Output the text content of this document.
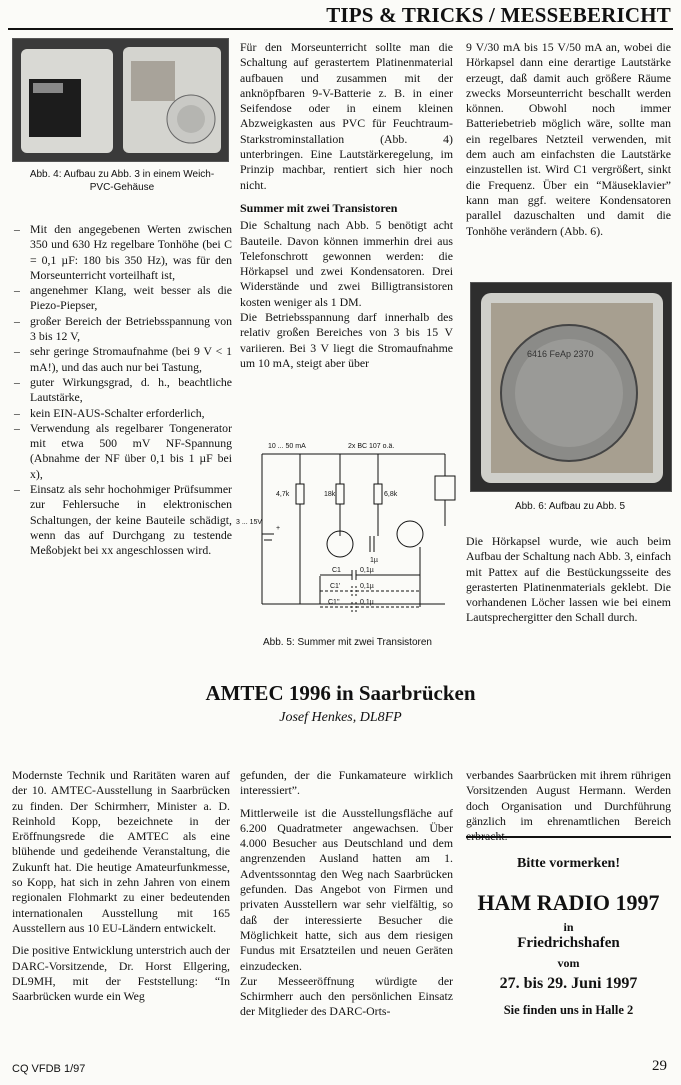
TIPS & TRICKS / MESSEBERICHT
Abb. 4: Aufbau zu Abb. 3 in einem Weich-PVC-Gehäuse
– Mit den angegebenen Werten zwischen 350 und 630 Hz regelbare Tonhöhe (bei C = 0,1 µF: 180 bis 350 Hz), was für den Morseunterricht vorteilhaft ist,
– angenehmer Klang, weit besser als die Piezo-Piepser,
– großer Bereich der Betriebsspannung von 3 bis 12 V,
– sehr geringe Stromaufnahme (bei 9 V < 1 mA!), und das auch nur bei Tastung,
– guter Wirkungsgrad, d. h., beachtliche Lautstärke,
– kein EIN-AUS-Schalter erforderlich,
– Verwendung als regelbarer Tongenerator mit etwa 500 mV NF-Spannung (Abnahme der NF über 0,1 bis 1 µF bei x),
– Einsatz als sehr hochohmiger Prüfsummer zur Fehlersuche in elektronischen Schaltungen, der keine Bauteile schädigt, wenn das auf Durchgang zu testende Meßobjekt bei xx angeschlossen wird.

Für den Morseunterricht sollte man die Schaltung auf gerastertem Platinenmaterial aufbauen und zusammen mit der anknöpfbaren 9-V-Batterie z. B. in einer Seifendose oder in einem kleinen Abzweigkasten aus PVC für Feuchtraum-Starkstrominstallation (Abb. 4) unterbringen. Eine Lautstärkeregelung, im Prinzip machbar, rentiert sich hier noch nicht.

Summer mit zwei Transistoren

Die Schaltung nach Abb. 5 benötigt acht Bauteile. Davon können immerhin drei aus Telefonschrott gewonnen werden: die Hörkapsel und zwei Kondensatoren. Drei Widerstände und zwei Billigtransistoren kosten weniger als 1 DM.

Die Betriebsspannung darf innerhalb des relativ großen Bereiches von 3 bis 15 V variieren. Bei 3 V liegt die Stromaufnahme um 10 mA, steigt aber über

10 ... 50 mA	2x BC 107 o.ä.
4,7k	18k	6,8k
3 ... 15V
+
1µ
C1	0,1µ
C1'	0,1µ
C1''	0,1µ
Abb. 5: Summer mit zwei Transistoren

9 V/30 mA bis 15 V/50 mA an, wobei die Hörkapsel dann eine derartige Lautstärke erzeugt, daß damit auch größere Räume zwecks Morseunterricht beschallt werden können. Obwohl noch immer Batteriebetrieb möglich wäre, sollte man ein regelbares Netzteil verwenden, mit dem auch am einfachsten die Lautstärke einzustellen ist. Wird C1 vergrößert, sinkt die Frequenz. Über ein “Mäuseklavier” kann man ggf. weitere Kondensatoren parallel dazuschalten und damit die Tonhöhe verändern (Abb. 6).

6416 FeAp 2370
Abb. 6: Aufbau zu Abb. 5

Die Hörkapsel wurde, wie auch beim Aufbau der Schaltung nach Abb. 3, einfach mit Pattex auf die Bestückungsseite des gerasterten Platinenmaterials geklebt. Die vorhandenen Löcher lassen wie bei einem Lautsprechergitter den Schall durch.

AMTEC 1996 in Saarbrücken
Josef Henkes, DL8FP

Modernste Technik und Raritäten waren auf der 10. AMTEC-Ausstellung in Saarbrücken zu finden. Der Schirmherr, Minister a. D. Reinhold Kopp, bezeichnete in der Eröffnungsrede die AMTEC als eine blühende und gedeihende Veranstaltung, die Zukunft hat. Die heutige Amateurfunkmesse, so Kopp, hat sich in zehn Jahren von einem regionalen Flohmarkt zu einer bedeutenden internationalen Ausstellung mit 165 Ausstellern aus 10 EU-Ländern entwickelt.

Die positive Entwicklung unterstrich auch der DARC-Vorsitzende, Dr. Horst Ellgering, DL9MH, mit der Feststellung: “In Saarbrücken wurde ein Weg

gefunden, der die Funkamateure wirklich interessiert”.

Mittlerweile ist die Ausstellungsfläche auf 6.200 Quadratmeter angewachsen. Über 4.000 Besucher aus Deutschland und dem angrenzenden Ausland hatten am 1. Adventssonntag den Weg nach Saarbrücken gefunden. Das Angebot von Firmen und privaten Ausstellern war sehr vielfältig, so daß der interessierte Besucher die Möglichkeit hatte, sich aus dem riesigen Fundus mit Ersatzteilen und neuen Geräten einzudecken.

Zur Messeeröffnung würdigte der Schirmherr auch den persönlichen Einsatz der Mitglieder des DARC-Orts-

verbandes Saarbrücken mit ihrem rührigen Vorsitzenden August Hermann. Werden doch Organisation und Durchführung gänzlich im ehrenamtlichen Bereich

Bitte vormerken!
HAM RADIO 1997
in
Friedrichshafen
vom
27. bis 29. Juni 1997
Sie finden uns in Halle 2
CQ VFDB 1/97	29
